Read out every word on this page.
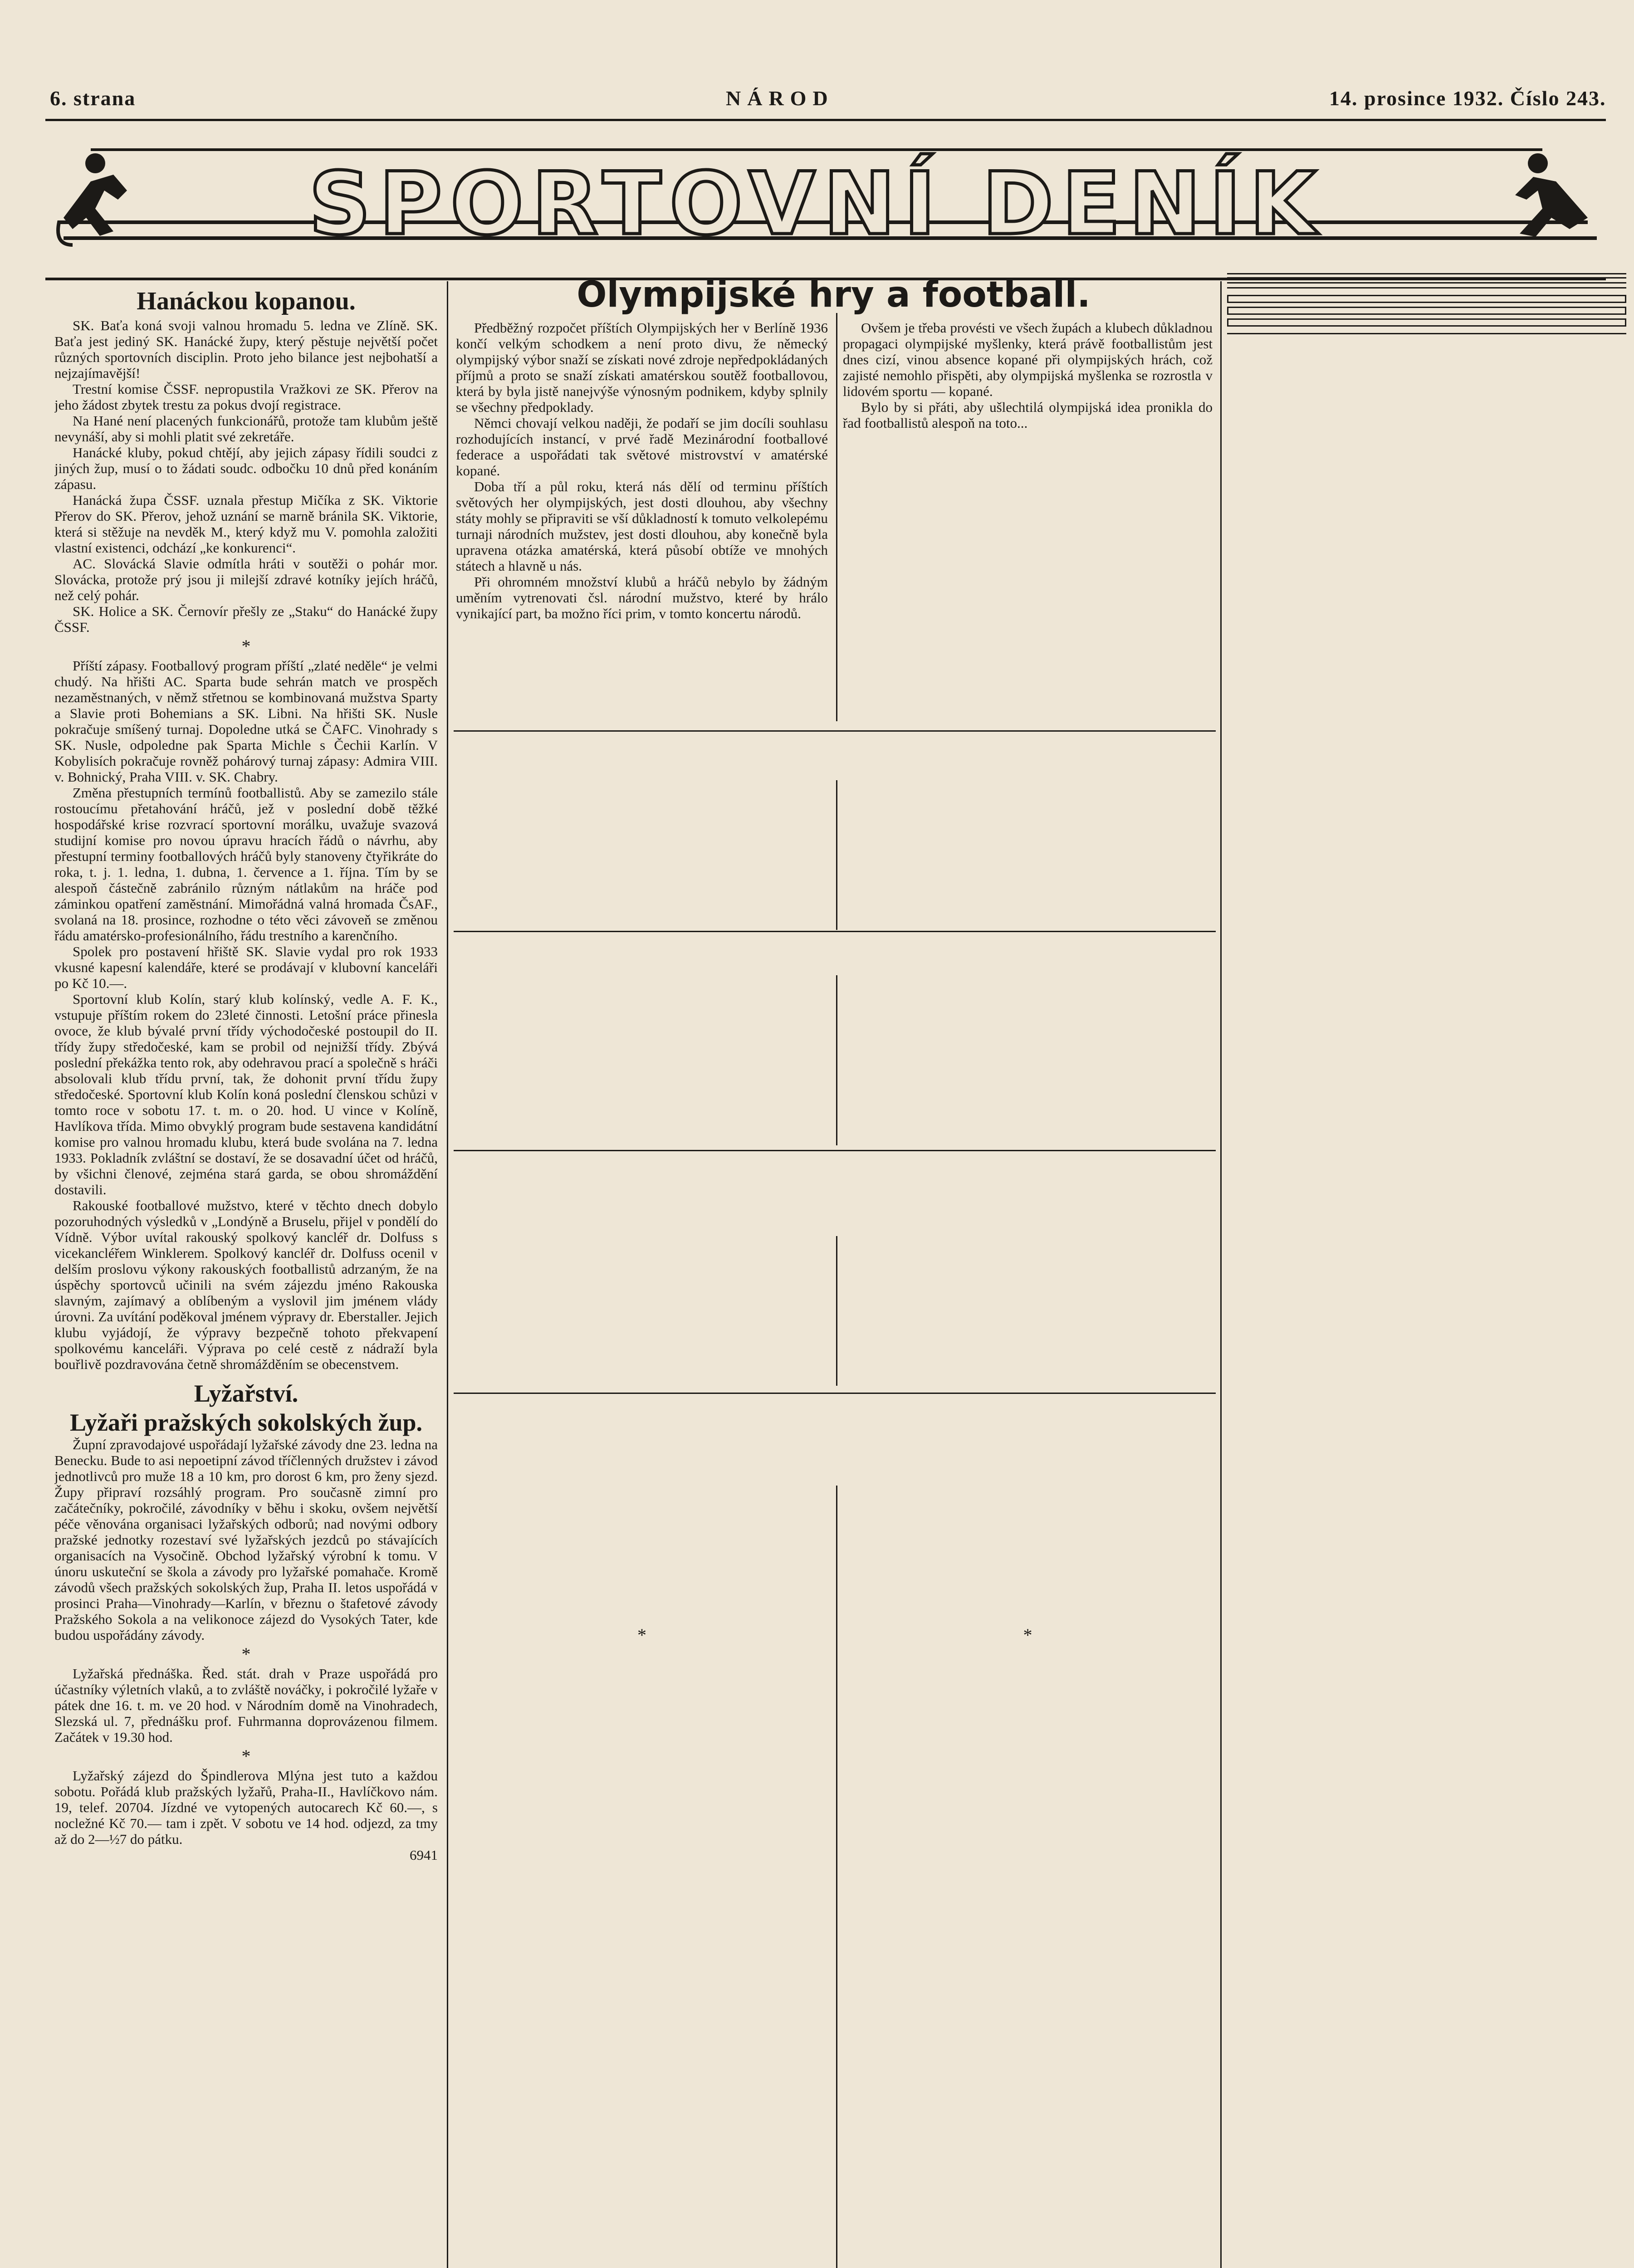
6. strana	NÁROD	14. prosince 1932. Číslo 243.
SPORTOVNÍ DENÍK
Hanáckou kopanou.

SK. Baťa koná svoji valnou hromadu 5. ledna ve Zlíně. SK. Baťa jest jediný SK. Hanácké župy, který pěstuje největší počet různých sportovních disciplin. Proto jeho bilance jest nejbohatší a nejzajímavější!

Trestní komise ČSSF. nepropustila Vražkovi ze SK. Přerov na jeho žádost zbytek trestu za pokus dvojí registrace.

Na Hané není placených funkcionářů, protože tam klubům ještě nevynáší, aby si mohli platit své zekretáře.

Hanácké kluby, pokud chtějí, aby jejich zápasy řídili soudci z jiných žup, musí o to žádati soudc. odbočku 10 dnů před konáním zápasu.

Hanácká župa ČSSF. uznala přestup Mičíka z SK. Viktorie Přerov do SK. Přerov, jehož uznání se marně bránila SK. Viktorie, která si stěžuje na nevděk M., který když mu V. pomohla založiti vlastní existenci, odchází „ke konkurenci“.

AC. Slovácká Slavie odmítla hráti v soutěži o pohár mor. Slovácka, protože prý jsou ji milejší zdravé kotníky jejích hráčů, než celý pohár.

SK. Holice a SK. Černovír přešly ze „Staku“ do Hanácké župy ČSSF.

*

Příští zápasy. Footballový program příští „zlaté neděle“ je velmi chudý. Na hřišti AC. Sparta bude sehrán match ve prospěch nezaměstnaných, v němž střetnou se kombinovaná mužstva Sparty a Slavie proti Bohemians a SK. Libni. Na hřišti SK. Nusle pokračuje smíšený turnaj. Dopoledne utká se ČAFC. Vinohrady s SK. Nusle, odpoledne pak Sparta Michle s Čechii Karlín. V Kobylisích pokračuje rovněž pohárový turnaj zápasy: Admira VIII. v. Bohnický, Praha VIII. v. SK. Chabry.

Změna přestupních termínů footballistů. Aby se zamezilo stále rostoucímu přetahování hráčů, jež v poslední době těžké hospodářské krise rozvrací sportovní morálku, uvažuje svazová studijní komise pro novou úpravu hracích řádů o návrhu, aby přestupní terminy footballových hráčů byly stanoveny čtyřikráte do roka, t. j. 1. ledna, 1. dubna, 1. července a 1. října. Tím by se alespoň částečně zabránilo různým nátlakům na hráče pod záminkou opatření zaměstnání. Mimořádná valná hromada ČsAF., svolaná na 18. prosince, rozhodne o této věci závoveň se změnou řádu amatérsko-profesionálního, řádu trestního a karenčního.

Spolek pro postavení hřiště SK. Slavie vydal pro rok 1933 vkusné kapesní kalendáře, které se prodávají v klubovní kanceláři po Kč 10.—.

Sportovní klub Kolín, starý klub kolínský, vedle A. F. K., vstupuje příštím rokem do 23leté činnosti. Letošní práce přinesla ovoce, že klub bývalé první třídy východočeské postoupil do II. třídy župy středočeské, kam se probil od nejnižší třídy. Zbývá poslední překážka tento rok, aby odehravou prací a společně s hráči absolovali klub třídu první, tak, že dohonit první třídu župy středočeské. Sportovní klub Kolín koná poslední členskou schůzi v tomto roce v sobotu 17. t. m. o 20. hod. U vince v Kolíně, Havlíkova třída. Mimo obvyklý program bude sestavena kandidátní komise pro valnou hromadu klubu, která bude svolána na 7. ledna 1933. Pokladník zvláštní se dostaví, že se dosavadní účet od hráčů, by všichni členové, zejména stará garda, se obou shromáždění dostavili.

Rakouské footballové mužstvo, které v těchto dnech dobylo pozoruhodných výsledků v „Londýně a Bruselu, přijel v pondělí do Vídně. Výbor uvítal rakouský spolkový kancléř dr. Dolfuss s vicekancléřem Winklerem. Spolkový kancléř dr. Dolfuss ocenil v delším proslovu výkony rakouských footballistů adrzaným, že na úspěchy sportovců učinili na svém zájezdu jméno Rakouska slavným, zajímavý a oblíbeným a vyslovil jim jménem vlády úrovni. Za uvítání poděkoval jménem výpravy dr. Eberstaller. Jejich klubu vyjádojí, že výpravy bezpečně tohoto překvapení spolkovému kanceláři. Výprava po celé cestě z nádraží byla bouřlivě pozdravována četně shromážděním se obecenstvem.

Lyžařství.
Lyžaři pražských sokolských žup.

Župní zpravodajové uspořádají lyžařské závody dne 23. ledna na Benecku. Bude to asi nepoetipní závod tříčlenných družstev i závod jednotlivců pro muže 18 a 10 km, pro dorost 6 km, pro ženy sjezd. Župy připraví rozsáhlý program. Pro současně zimní pro začátečníky, pokročilé, závodníky v běhu i skoku, ovšem největší péče věnována organisaci lyžařských odborů; nad novými odbory pražské jednotky rozestaví své lyžařských jezdců po stávajících organisacích na Vysočině. Obchod lyžařský výrobní k tomu. V únoru uskuteční se škola a závody pro lyžařské pomahače. Kromě závodů všech pražských sokolských žup, Praha II. letos uspořádá v prosinci Praha—Vinohrady—Karlín, v březnu o štafetové závody Pražského Sokola a na velikonoce zájezd do Vysokých Tater, kde budou uspořádány závody.

*

Lyžařská přednáška. Řed. stát. drah v Praze uspořádá pro účastníky výletních vlaků, a to zvláště nováčky, i pokročilé lyžaře v pátek dne 16. t. m. ve 20 hod. v Národním domě na Vinohradech, Slezská ul. 7, přednášku prof. Fuhrmanna doprovázenou filmem. Začátek v 19.30 hod.

*

Lyžařský zájezd do Špindlerova Mlýna jest tuto a každou sobotu. Pořádá klub pražských lyžařů, Praha-II., Havlíčkovo nám. 19, telef. 20704. Jízdné ve vytopených autocarech Kč 60.—, s nocležné Kč 70.— tam i zpět. V sobotu ve 14 hod. odjezd, za tmy až do 2—½7 do pátku.

6941

Olympijské hry a football.

Předběžný rozpočet příštích Olympijských her v Berlíně 1936 končí velkým schodkem a není proto divu, že německý olympijský výbor snaží se získati nové zdroje nepředpokládaných příjmů a proto se snaží získati amatérskou soutěž footballovou, která by byla jistě nanejvýše výnosným podnikem, kdyby splnily se všechny předpoklady.

Němci chovají velkou naději, že podaří se jim docíli souhlasu rozhodujících instancí, v prvé řadě Mezinárodní footballové federace a uspořádati tak světové mistrovství v amatérské kopané.

Doba tří a půl roku, která nás dělí od terminu příštích světových her olympijských, jest dosti dlouhou, aby všechny státy mohly se připraviti se vší důkladností k tomuto velkolepému turnaji národních mužstev, jest dosti dlouhou, aby konečně byla upravena otázka amatérská, která působí obtíže ve mnohých státech a hlavně u nás.

Při ohromném množství klubů a hráčů nebylo by žádným uměním vytrenovati čsl. národní mužstvo, které by hrálo vynikající part, ba možno říci prim, v tomto koncertu národů.

Ovšem je třeba provésti ve všech župách a klubech důkladnou propagaci olympijské myšlenky, která právě footballistům jest dnes cizí, vinou absence kopané při olympijských hrách, což zajisté nemohlo přispěti, aby olympijská myšlenka se rozrostla v lidovém sportu — kopané.

Bylo by si přáti, aby ušlechtilá olympijská idea pronikla do řad footballistů alespoň na toto...

*	*
